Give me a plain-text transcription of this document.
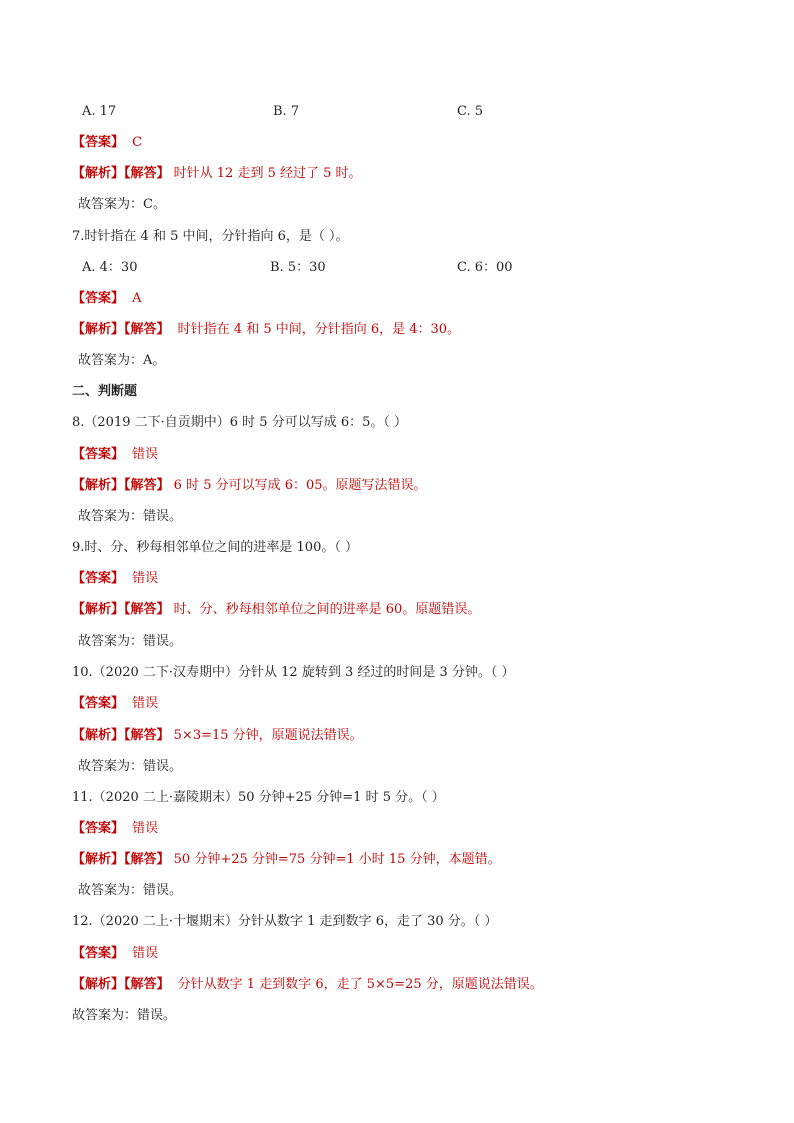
A. 17	B. 7	C. 5
【答案】 C
【解析】【解答】 时针从 12 走到 5 经过了 5 时。
故答案为：C。
7.时针指在 4 和 5 中间，分针指向 6，是（ ）。
A. 4：30	B. 5：30	C. 6：00
【答案】 A
【解析】【解答】 时针指在 4 和 5 中间，分针指向 6，是 4：30。
故答案为：A。
二、判断题
8.（2019 二下·自贡期中）6 时 5 分可以写成 6：5。（ ）
【答案】 错误
【解析】【解答】 6 时 5 分可以写成 6：05。原题写法错误。
故答案为：错误。
9.时、分、秒每相邻单位之间的进率是 100。（ ）
【答案】 错误
【解析】【解答】 时、分、秒每相邻单位之间的进率是 60。原题错误。
故答案为：错误。
10.（2020 二下·汉寿期中）分针从 12 旋转到 3 经过的时间是 3 分钟。（ ）
【答案】 错误
【解析】【解答】 5×3=15 分钟，原题说法错误。
故答案为：错误。
11.（2020 二上·嘉陵期末）50 分钟+25 分钟=1 时 5 分。（ ）
【答案】 错误
【解析】【解答】 50 分钟+25 分钟=75 分钟=1 小时 15 分钟，本题错。
故答案为：错误。
12.（2020 二上·十堰期末）分针从数字 1 走到数字 6，走了 30 分。（ ）
【答案】 错误
【解析】【解答】 分针从数字 1 走到数字 6，走了 5×5=25 分，原题说法错误。
故答案为：错误。
